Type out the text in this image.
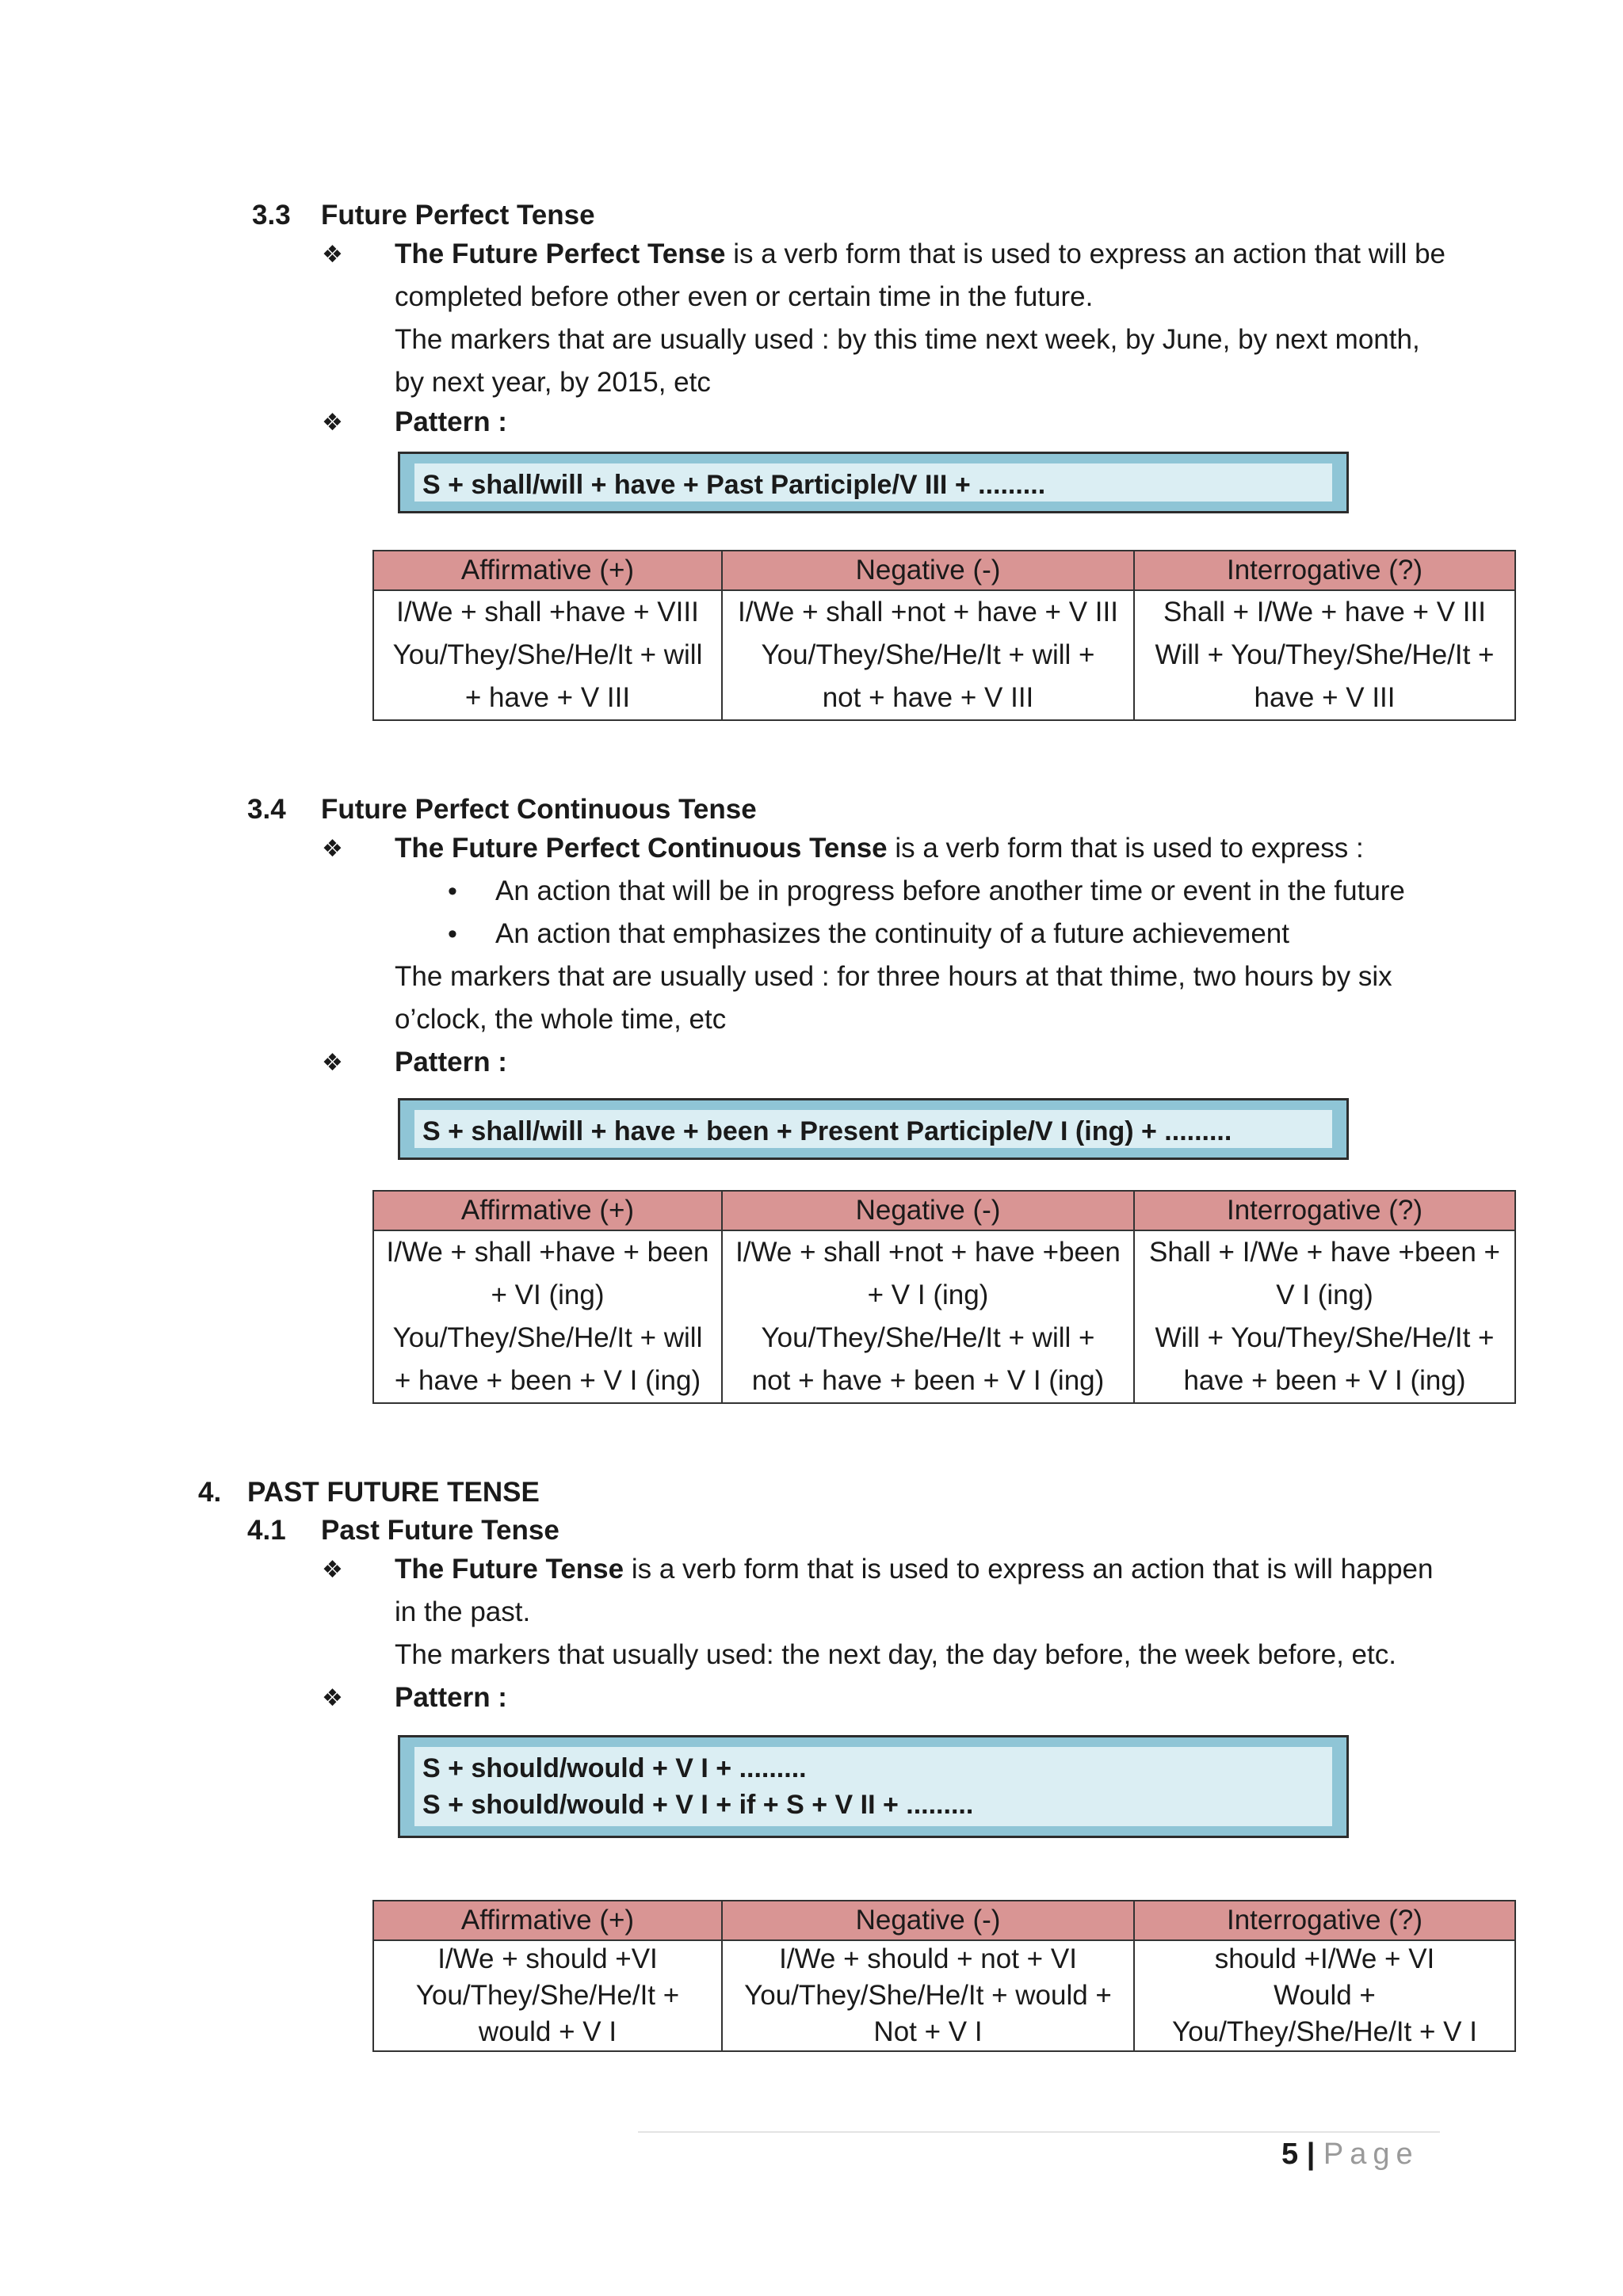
3.3 Future Perfect Tense
❖ The Future Perfect Tense is a verb form that is used to express an action that will be
completed before other even or certain time in the future.
The markers that are usually used : by this time next week, by June, by next month,
by next year, by 2015, etc
❖ Pattern :
S + shall/will + have + Past Participle/V III + .........
Affirmative (+)	Negative (-)	Interrogative (?)

I/We + shall +have + VIII
You/They/She/He/It + will
+ have + V III	I/We + shall +not + have + V III
You/They/She/He/It + will +
not + have + V III	Shall + I/We + have + V III
Will + You/They/She/He/It +
have + V III
3.4 Future Perfect Continuous Tense
❖ The Future Perfect Continuous Tense is a verb form that is used to express :
• An action that will be in progress before another time or event in the future
• An action that emphasizes the continuity of a future achievement
The markers that are usually used : for three hours at that thime, two hours by six
o’clock, the whole time, etc
❖ Pattern :
S + shall/will + have + been + Present Participle/V I (ing) + .........
Affirmative (+)	Negative (-)	Interrogative (?)

I/We + shall +have + been
+ VI (ing)
You/They/She/He/It + will
+ have + been + V I (ing)	I/We + shall +not + have +been
+ V I (ing)
You/They/She/He/It + will +
not + have + been + V I (ing)	Shall + I/We + have +been +
V I (ing)
Will + You/They/She/He/It +
have + been + V I (ing)
4. PAST FUTURE TENSE
4.1 Past Future Tense
❖ The Future Tense is a verb form that is used to express an action that is will happen
in the past.
The markers that usually used: the next day, the day before, the week before, etc.
❖ Pattern :
S + should/would + V I + .........
S + should/would + V I + if + S + V II + .........
Affirmative (+)	Negative (-)	Interrogative (?)

I/We + should +VI
You/They/She/He/It +
would + V I	I/We + should + not + VI
You/They/She/He/It + would +
Not + V I	should +I/We + VI
Would +
You/They/She/He/It + V I
5 | Page
